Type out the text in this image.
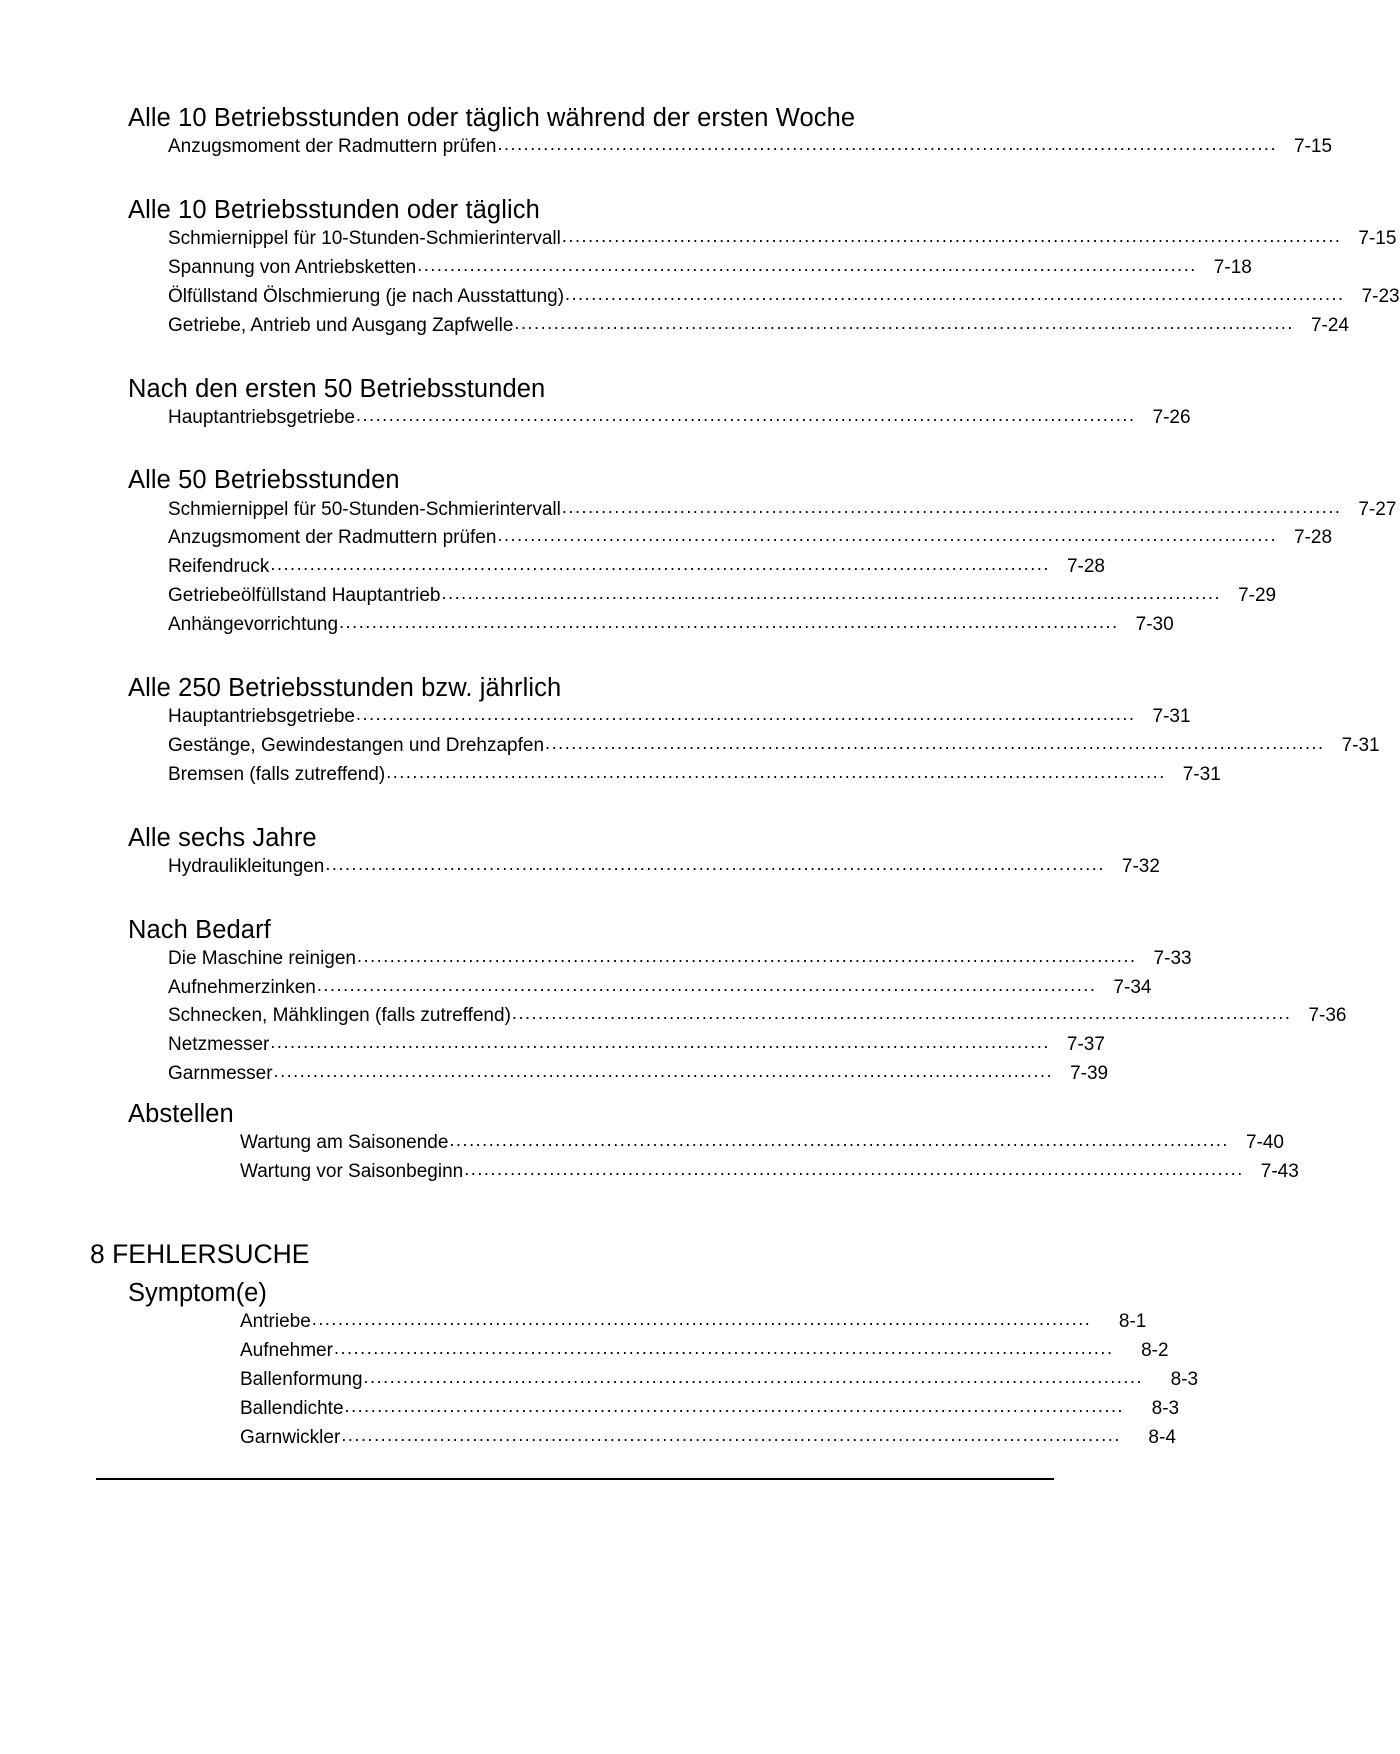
Alle 10 Betriebsstunden oder täglich während der ersten Woche
Anzugsmoment der Radmuttern prüfen ....................................................................................................................... 7-15
Alle 10 Betriebsstunden oder täglich
Schmiernippel für 10-Stunden-Schmierintervall ....................................................................................................................... 7-15
Spannung von Antriebsketten ....................................................................................................................... 7-18
Ölfüllstand Ölschmierung (je nach Ausstattung) ....................................................................................................................... 7-23
Getriebe, Antrieb und Ausgang Zapfwelle ....................................................................................................................... 7-24
Nach den ersten 50 Betriebsstunden
Hauptantriebsgetriebe ....................................................................................................................... 7-26
Alle 50 Betriebsstunden
Schmiernippel für 50-Stunden-Schmierintervall ....................................................................................................................... 7-27
Anzugsmoment der Radmuttern prüfen ....................................................................................................................... 7-28
Reifendruck ....................................................................................................................... 7-28
Getriebeölfüllstand Hauptantrieb ....................................................................................................................... 7-29
Anhängevorrichtung ....................................................................................................................... 7-30
Alle 250 Betriebsstunden bzw. jährlich
Hauptantriebsgetriebe ....................................................................................................................... 7-31
Gestänge, Gewindestangen und Drehzapfen ....................................................................................................................... 7-31
Bremsen (falls zutreffend) ....................................................................................................................... 7-31
Alle sechs Jahre
Hydraulikleitungen ....................................................................................................................... 7-32
Nach Bedarf
Die Maschine reinigen ....................................................................................................................... 7-33
Aufnehmerzinken ....................................................................................................................... 7-34
Schnecken, Mähklingen (falls zutreffend) ....................................................................................................................... 7-36
Netzmesser ....................................................................................................................... 7-37
Garnmesser ....................................................................................................................... 7-39
Abstellen
Wartung am Saisonende ....................................................................................................................... 7-40
Wartung vor Saisonbeginn ....................................................................................................................... 7-43
8 FEHLERSUCHE
Symptom(e)
Antriebe .......................................................................................................................	8-1
Aufnehmer .......................................................................................................................	8-2
Ballenformung .......................................................................................................................	8-3
Ballendichte .......................................................................................................................	8-3
Garnwickler .......................................................................................................................	8-4
